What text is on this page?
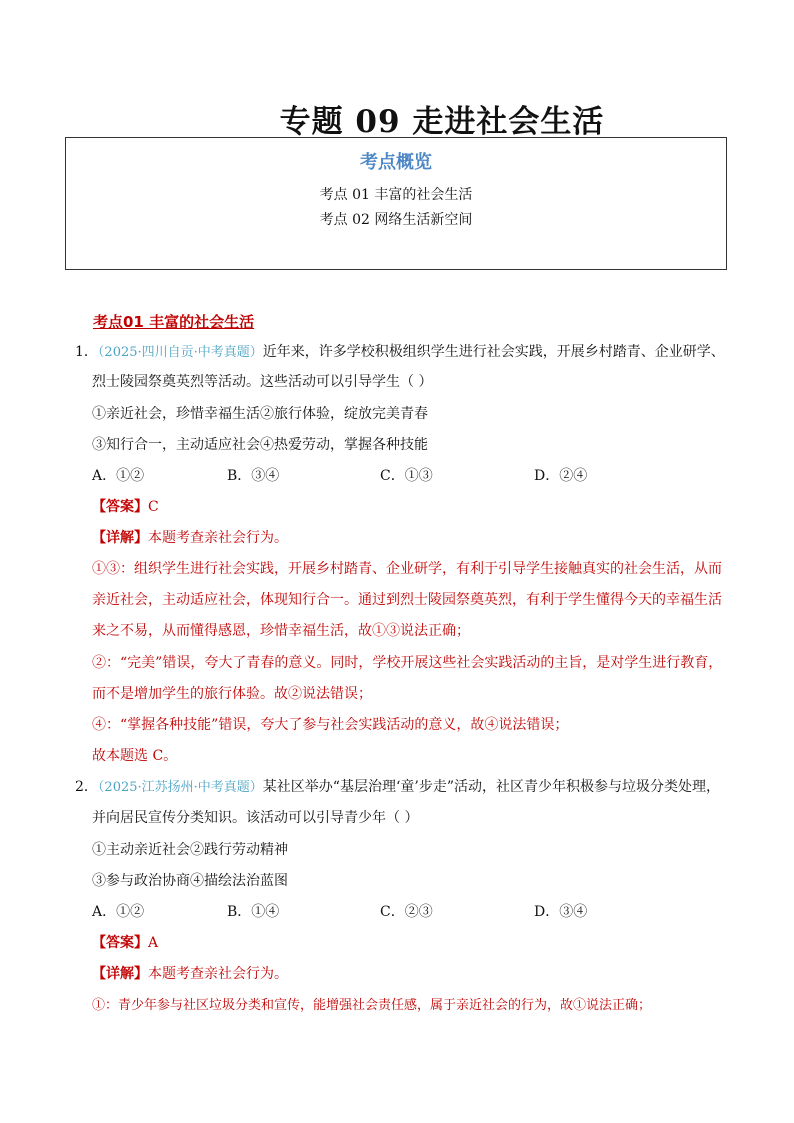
专题 09 走进社会生活
考点概览
考点 01 丰富的社会生活
考点 02 网络生活新空间
考点01 丰富的社会生活
1．（2025·四川自贡·中考真题）近年来，许多学校积极组织学生进行社会实践，开展乡村踏青、企业研学、
烈士陵园祭奠英烈等活动。这些活动可以引导学生（ ）
①亲近社会，珍惜幸福生活②旅行体验，绽放完美青春
③知行合一，主动适应社会④热爱劳动，掌握各种技能
A．①②	B．③④	C．①③	D．②④
【答案】C
【详解】本题考查亲社会行为。
①③：组织学生进行社会实践，开展乡村踏青、企业研学，有利于引导学生接触真实的社会生活，从而
亲近社会，主动适应社会，体现知行合一。通过到烈士陵园祭奠英烈，有利于学生懂得今天的幸福生活
来之不易，从而懂得感恩，珍惜幸福生活，故①③说法正确；
②：“完美”错误，夸大了青春的意义。同时，学校开展这些社会实践活动的主旨，是对学生进行教育，
而不是增加学生的旅行体验。故②说法错误；
④：“掌握各种技能”错误，夸大了参与社会实践活动的意义，故④说法错误；
故本题选 C。
2．（2025·江苏扬州·中考真题）某社区举办“基层治理‘童’步走”活动，社区青少年积极参与垃圾分类处理，
并向居民宣传分类知识。该活动可以引导青少年（ ）
①主动亲近社会②践行劳动精神
③参与政治协商④描绘法治蓝图
A．①②	B．①④	C．②③	D．③④
【答案】A
【详解】本题考查亲社会行为。
①：青少年参与社区垃圾分类和宣传，能增强社会责任感，属于亲近社会的行为，故①说法正确；
